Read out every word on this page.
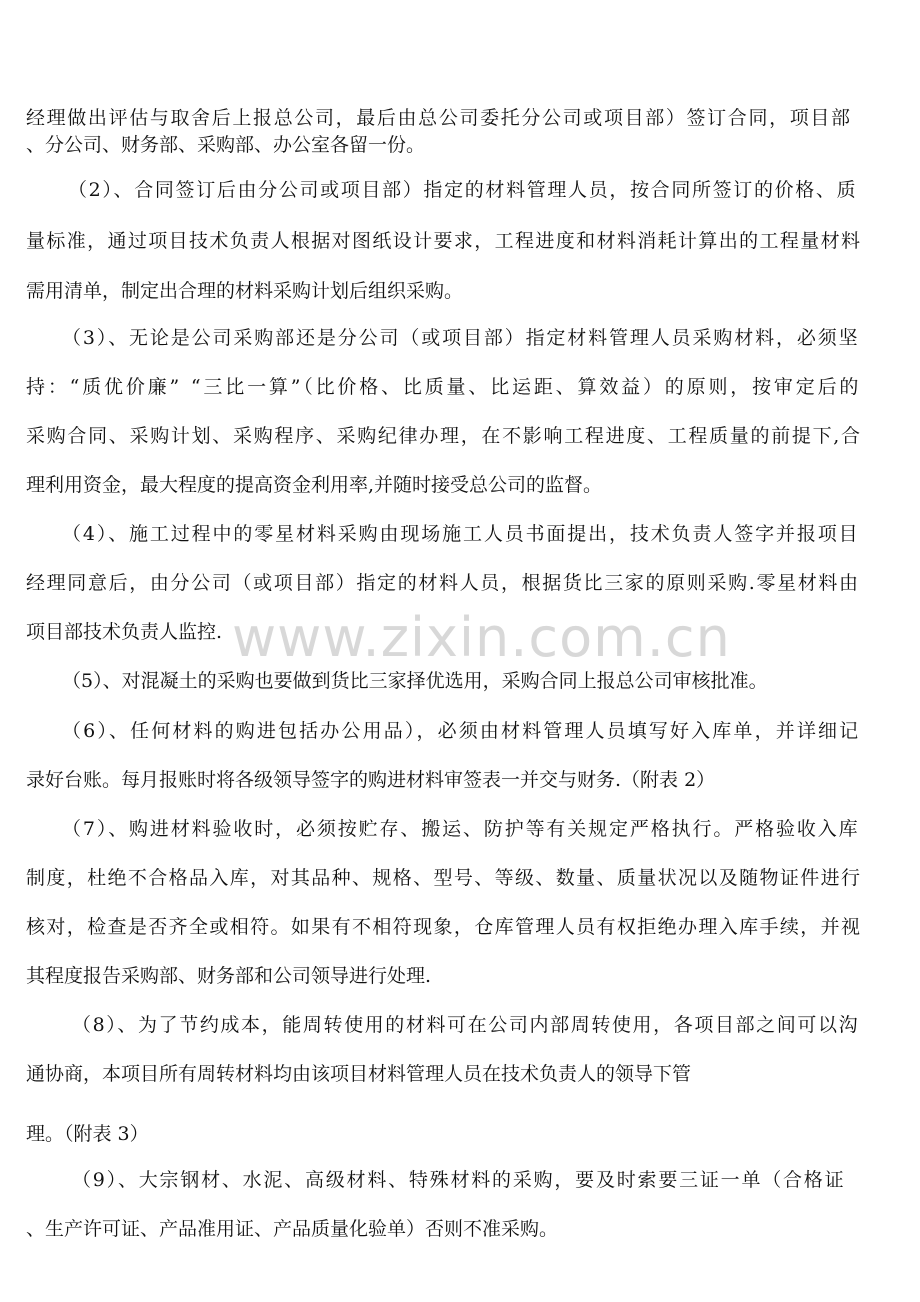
www.zixin.com.cn
经理做出评估与取舍后上报总公司，最后由总公司委托分公司或项目部）签订合同，项目部
、分公司、财务部、采购部、办公室各留一份。
（2）、合同签订后由分公司或项目部）指定的材料管理人员，按合同所签订的价格、质
量标准，通过项目技术负责人根据对图纸设计要求，工程进度和材料消耗计算出的工程量材料
需用清单，制定出合理的材料采购计划后组织采购。
（3）、无论是公司采购部还是分公司（或项目部）指定材料管理人员采购材料，必须坚
持：“质优价廉” “三比一算”（比价格、比质量、比运距、算效益）的原则，按审定后的
采购合同、采购计划、采购程序、采购纪律办理，在不影响工程进度、工程质量的前提下,合
理利用资金，最大程度的提高资金利用率,并随时接受总公司的监督。
（4）、施工过程中的零星材料采购由现场施工人员书面提出，技术负责人签字并报项目
经理同意后，由分公司（或项目部）指定的材料人员，根据货比三家的原则采购.零星材料由
项目部技术负责人监控.
（5）、对混凝土的采购也要做到货比三家择优选用，采购合同上报总公司审核批准。
（6）、任何材料的购进包括办公用品），必须由材料管理人员填写好入库单，并详细记
录好台账。每月报账时将各级领导签字的购进材料审签表一并交与财务.（附表 2）
（7）、购进材料验收时，必须按贮存、搬运、防护等有关规定严格执行。严格验收入库
制度，杜绝不合格品入库，对其品种、规格、型号、等级、数量、质量状况以及随物证件进行
核对，检查是否齐全或相符。如果有不相符现象，仓库管理人员有权拒绝办理入库手续，并视
其程度报告采购部、财务部和公司领导进行处理.
（8）、为了节约成本，能周转使用的材料可在公司内部周转使用，各项目部之间可以沟
通协商，本项目所有周转材料均由该项目材料管理人员在技术负责人的领导下管
理。（附表 3）
（9）、大宗钢材、水泥、高级材料、特殊材料的采购，要及时索要三证一单（合格证
、生产许可证、产品准用证、产品质量化验单）否则不准采购。
